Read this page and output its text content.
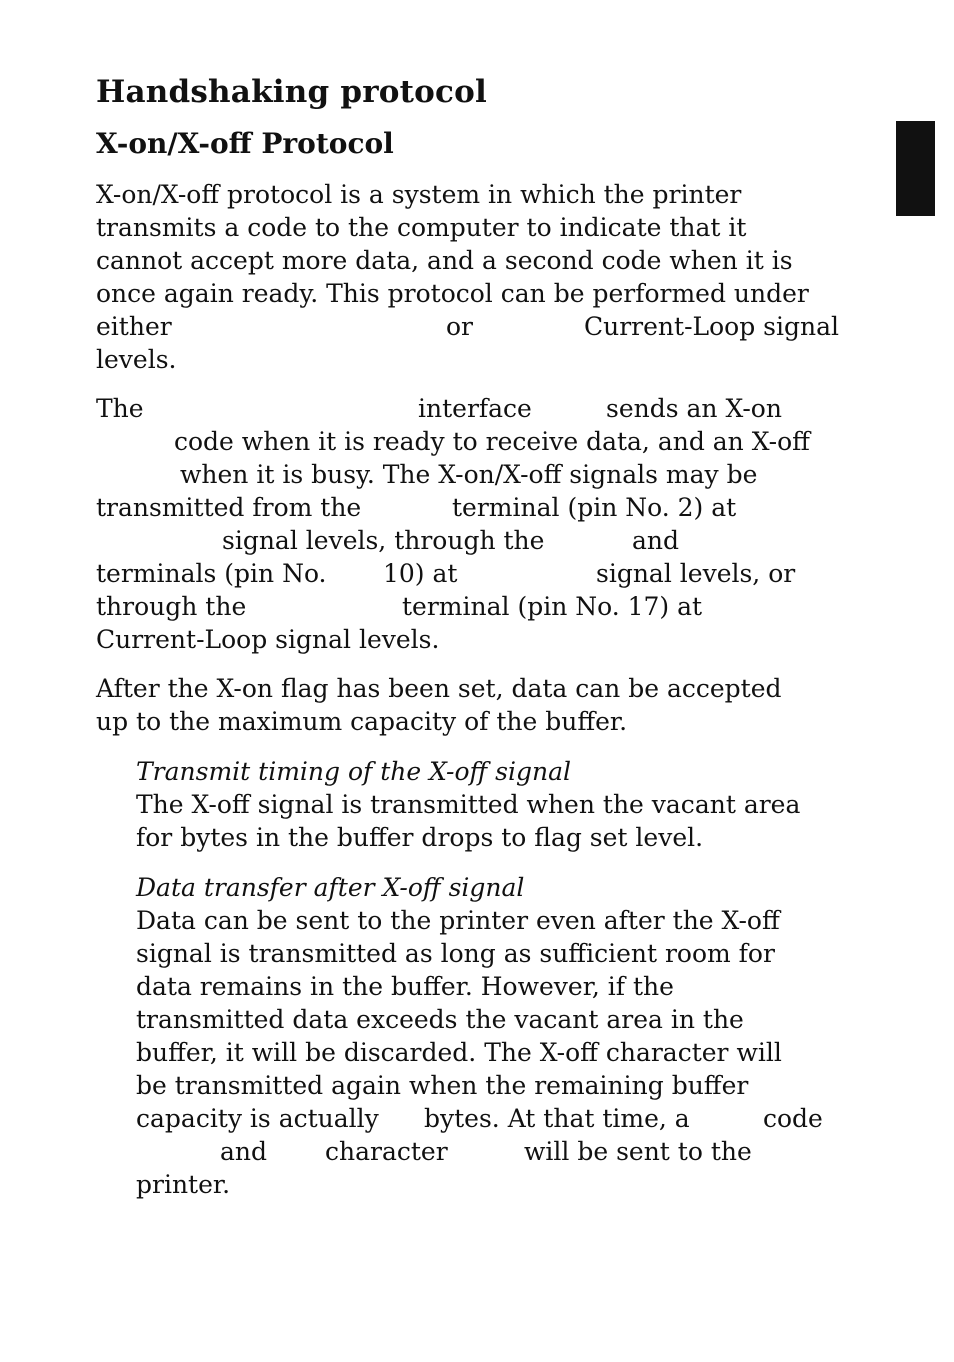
Handshaking protocol
X-on/X-off Protocol
X-on/X-off protocol is a system in which the printer
transmits a code to the computer to indicate that it
cannot accept more data, and a second code when it is
once again ready. This protocol can be performed under
either	or	Current-Loop signal
levels.
The	interface	sends an X-on
code when it is ready to receive data, and an X-off
when it is busy. The X-on/X-off signals may be
transmitted from the	terminal (pin No. 2) at
signal levels, through the	and
terminals (pin No. 10) at	signal levels, or
through the	terminal (pin No. 17) at
Current-Loop signal levels.
After the X-on flag has been set, data can be accepted
up to the maximum capacity of the buffer.
Transmit timing of the X-off signal
The X-off signal is transmitted when the vacant area
for bytes in the buffer drops to flag set level.
Data transfer after X-off signal
Data can be sent to the printer even after the X-off
signal is transmitted as long as sufficient room for
data remains in the buffer. However, if the
transmitted data exceeds the vacant area in the
buffer, it will be discarded. The X-off character will
be transmitted again when the remaining buffer
capacity is actually bytes. At that time, a	code
and character	will be sent to the
printer.
